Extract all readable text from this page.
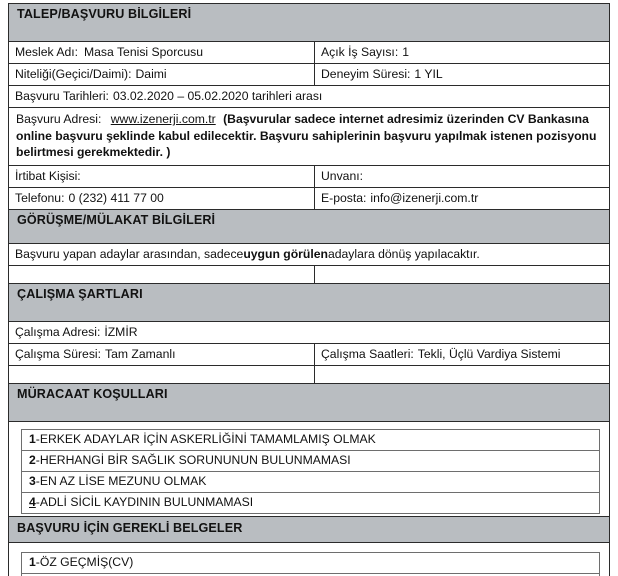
TALEP/BAŞVURU BİLGİLERİ
Meslek Adı: Masa Tenisi Sporcusu	Açık İş Sayısı: 1
Niteliği(Geçici/Daimi): Daimi	Deneyim Süresi: 1 YIL
Başvuru Tarihleri: 03.02.2020 – 05.02.2020 tarihleri arası
Başvuru Adresi: www.izenerji.com.tr (Başvurular sadece internet adresimiz üzerinden CV Bankasına online başvuru şeklinde kabul edilecektir. Başvuru sahiplerinin başvuru yapılmak istenen pozisyonu belirtmesi gerekmektedir. )
İrtibat Kişisi:	Unvanı:
Telefonu: 0 (232) 411 77 00	E-posta: info@izenerji.com.tr
GÖRÜŞME/MÜLAKAT BİLGİLERİ
Başvuru yapan adaylar arasından, sadece uygun görülen adaylara dönüş yapılacaktır.
ÇALIŞMA ŞARTLARI
Çalışma Adresi: İZMİR
Çalışma Süresi: Tam Zamanlı	Çalışma Saatleri: Tekli, Üçlü Vardiya Sistemi
MÜRACAAT KOŞULLARI
1-ERKEK ADAYLAR İÇİN ASKERLİĞİNİ TAMAMLAMIŞ OLMAK
2-HERHANGİ BİR SAĞLIK SORUNUNUN BULUNMAMASI
3-EN AZ LİSE MEZUNU OLMAK
4-ADLİ SİCİL KAYDININ BULUNMAMASI
BAŞVURU İÇİN GEREKLİ BELGELER
1-ÖZ GEÇMİŞ(CV)
